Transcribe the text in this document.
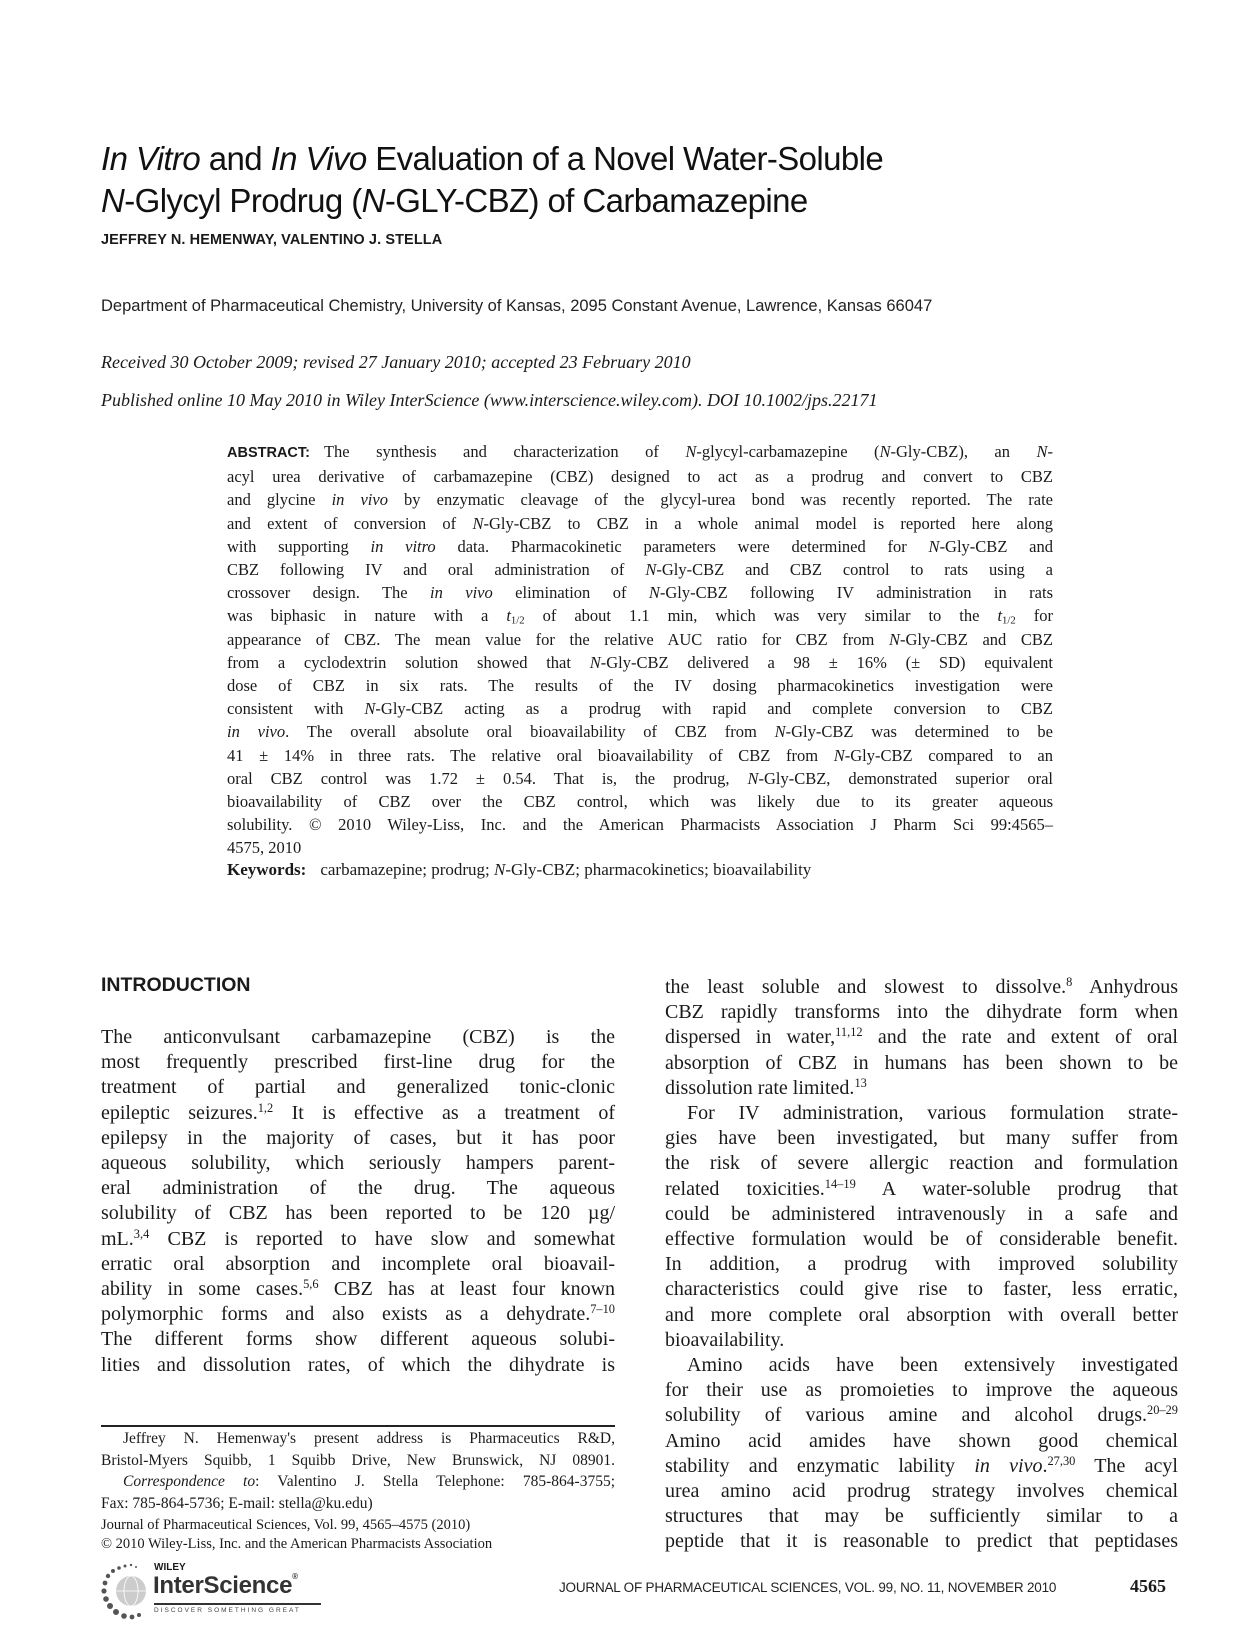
In Vitro and In Vivo Evaluation of a Novel Water-Soluble
N-Glycyl Prodrug (N-GLY-CBZ) of Carbamazepine
JEFFREY N. HEMENWAY, VALENTINO J. STELLA
Department of Pharmaceutical Chemistry, University of Kansas, 2095 Constant Avenue, Lawrence, Kansas 66047
Received 30 October 2009; revised 27 January 2010; accepted 23 February 2010
Published online 10 May 2010 in Wiley InterScience (www.interscience.wiley.com). DOI 10.1002/jps.22171
ABSTRACT: The synthesis and characterization of N-glycyl-carbamazepine (N-Gly-CBZ), an N-
acyl urea derivative of carbamazepine (CBZ) designed to act as a prodrug and convert to CBZ
and glycine in vivo by enzymatic cleavage of the glycyl-urea bond was recently reported. The rate
and extent of conversion of N-Gly-CBZ to CBZ in a whole animal model is reported here along
with supporting in vitro data. Pharmacokinetic parameters were determined for N-Gly-CBZ and
CBZ following IV and oral administration of N-Gly-CBZ and CBZ control to rats using a
crossover design. The in vivo elimination of N-Gly-CBZ following IV administration in rats
was biphasic in nature with a $t_{1/2}$ of about 1.1 min, which was very similar to the $t_{1/2}$ for
appearance of CBZ. The mean value for the relative AUC ratio for CBZ from N-Gly-CBZ and CBZ
from a cyclodextrin solution showed that N-Gly-CBZ delivered a 98 ± 16% (± SD) equivalent
dose of CBZ in six rats. The results of the IV dosing pharmacokinetics investigation were
consistent with N-Gly-CBZ acting as a prodrug with rapid and complete conversion to CBZ
in vivo. The overall absolute oral bioavailability of CBZ from N-Gly-CBZ was determined to be
41 ± 14% in three rats. The relative oral bioavailability of CBZ from N-Gly-CBZ compared to an
oral CBZ control was 1.72 ± 0.54. That is, the prodrug, N-Gly-CBZ, demonstrated superior oral
bioavailability of CBZ over the CBZ control, which was likely due to its greater aqueous
solubility. © 2010 Wiley-Liss, Inc. and the American Pharmacists Association J Pharm Sci 99:4565–
4575, 2010
Keywords: carbamazepine; prodrug; N-Gly-CBZ; pharmacokinetics; bioavailability
INTRODUCTION
The anticonvulsant carbamazepine (CBZ) is the
most frequently prescribed first-line drug for the
treatment of partial and generalized tonic-clonic
epileptic seizures.$^{1,2}$ It is effective as a treatment of
epilepsy in the majority of cases, but it has poor
aqueous solubility, which seriously hampers parent-
eral administration of the drug. The aqueous
solubility of CBZ has been reported to be 120 µg/
mL.$^{3,4}$ CBZ is reported to have slow and somewhat
erratic oral absorption and incomplete oral bioavail-
ability in some cases.$^{5,6}$ CBZ has at least four known
polymorphic forms and also exists as a dehydrate.$^{7-10}$
The different forms show different aqueous solubi-
lities and dissolution rates, of which the dihydrate is
the least soluble and slowest to dissolve.$^8$ Anhydrous
CBZ rapidly transforms into the dihydrate form when
dispersed in water,$^{11,12}$ and the rate and extent of oral
absorption of CBZ in humans has been shown to be
dissolution rate limited.$^{13}$
For IV administration, various formulation strate-
gies have been investigated, but many suffer from
the risk of severe allergic reaction and formulation
related toxicities.$^{14-19}$ A water-soluble prodrug that
could be administered intravenously in a safe and
effective formulation would be of considerable benefit.
In addition, a prodrug with improved solubility
characteristics could give rise to faster, less erratic,
and more complete oral absorption with overall better
bioavailability.
Amino acids have been extensively investigated
for their use as promoieties to improve the aqueous
solubility of various amine and alcohol drugs.$^{20-29}$
Amino acid amides have shown good chemical
stability and enzymatic lability in vivo.$^{27,30}$ The acyl
urea amino acid prodrug strategy involves chemical
structures that may be sufficiently similar to a
peptide that it is reasonable to predict that peptidases
Jeffrey N. Hemenway's present address is Pharmaceutics R&D,
Bristol-Myers Squibb, 1 Squibb Drive, New Brunswick, NJ 08901.
Correspondence to: Valentino J. Stella Telephone: 785-864-3755;
Fax: 785-864-5736; E-mail: stella@ku.edu)
Journal of Pharmaceutical Sciences, Vol. 99, 4565–4575 (2010)
© 2010 Wiley-Liss, Inc. and the American Pharmacists Association
WILEY
InterScience®
DISCOVER SOMETHING GREAT
JOURNAL OF PHARMACEUTICAL SCIENCES, VOL. 99, NO. 11, NOVEMBER 2010	4565
